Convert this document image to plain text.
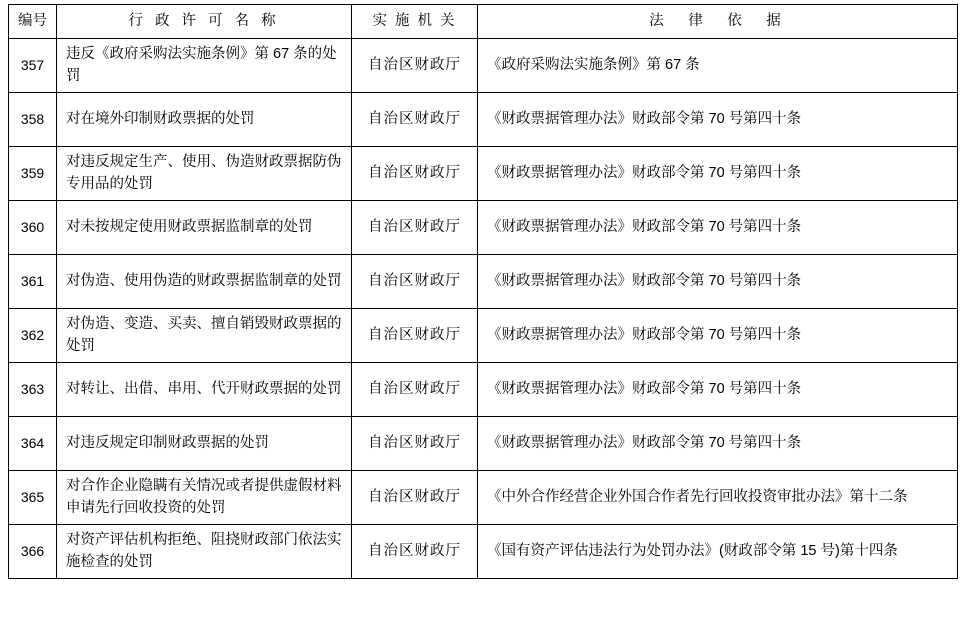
编号	行 政 许 可 名 称	实 施 机 关	法　律　依　据
357	违反《政府采购法实施条例》第 67 条的处罚	自治区财政厅	《政府采购法实施条例》第 67 条
358	对在境外印制财政票据的处罚	自治区财政厅	《财政票据管理办法》财政部令第 70 号第四十条
359	对违反规定生产、使用、伪造财政票据防伪专用品的处罚	自治区财政厅	《财政票据管理办法》财政部令第 70 号第四十条
360	对未按规定使用财政票据监制章的处罚	自治区财政厅	《财政票据管理办法》财政部令第 70 号第四十条
361	对伪造、使用伪造的财政票据监制章的处罚	自治区财政厅	《财政票据管理办法》财政部令第 70 号第四十条
362	对伪造、变造、买卖、擅自销毁财政票据的处罚	自治区财政厅	《财政票据管理办法》财政部令第 70 号第四十条
363	对转让、出借、串用、代开财政票据的处罚	自治区财政厅	《财政票据管理办法》财政部令第 70 号第四十条
364	对违反规定印制财政票据的处罚	自治区财政厅	《财政票据管理办法》财政部令第 70 号第四十条
365	对合作企业隐瞒有关情况或者提供虚假材料申请先行回收投资的处罚	自治区财政厅	《中外合作经营企业外国合作者先行回收投资审批办法》第十二条
366	对资产评估机构拒绝、阻挠财政部门依法实施检查的处罚	自治区财政厅	《国有资产评估违法行为处罚办法》(财政部令第 15 号)第十四条
